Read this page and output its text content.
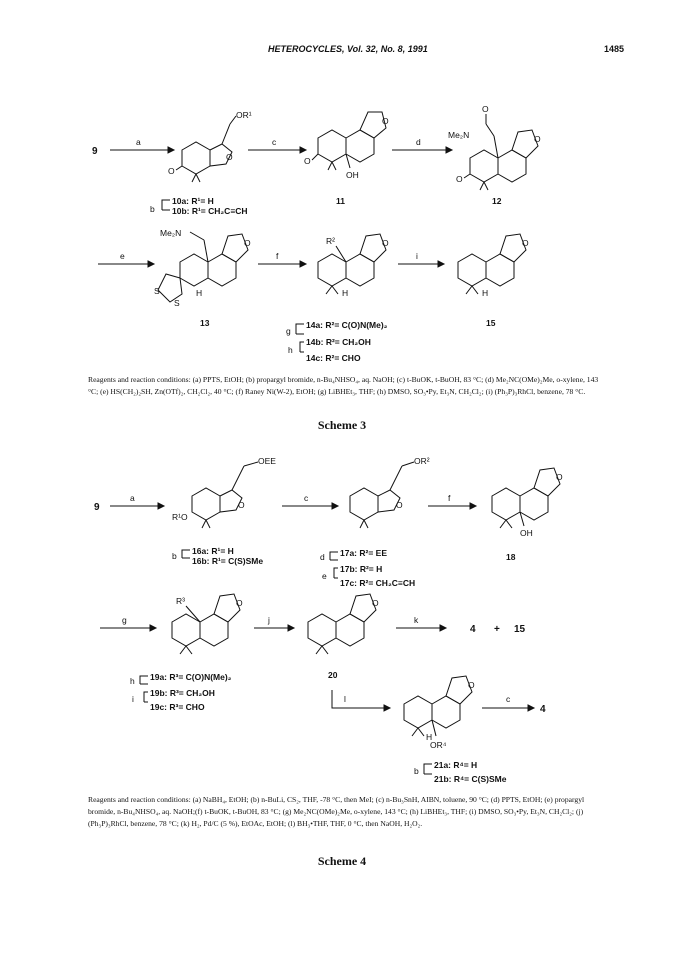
HETEROCYCLES, Vol. 32, No. 8, 1991	1485
9
a	c	d
e	f	i
b
g
h
OR¹
O
O
O
O
OH
O
Me₂N	O
O
Me₂N
O
S
S
H
R²	O
H
O
H
10a: R¹= H
10b: R¹= CH₂C≡CH
11	12
13	14a: R²= C(O)N(Me)₂
14b: R²= CH₂OH
14c: R²= CHO
15
Reagents and reaction conditions: (a) PPTS, EtOH; (b) propargyl bromide, n-Bu₄NHSO₄, aq. NaOH; (c) t-BuOK, t-BuOH, 83 °C; (d) Me₂NC(OMe)₂Me, o-xylene, 143 °C; (e) HS(CH₂)₂SH, Zn(OTf)₂, CH₂Cl₂, 40 °C; (f) Raney Ni(W-2), EtOH; (g) LiBHEt₃, THF; (h) DMSO, SO₃•Py, Et₃N, CH₂Cl₂; (i) (Ph₃P)₃RhCl, benzene, 78 °C.
Scheme 3
9
a	c	f
g	j	k
l	c
b	d
e
h
i
b
OEE
O
R¹O
OR²
O
O
OH
R³	O	O
O
H
OR⁴
16a: R¹= H
16b: R¹= C(S)SMe
17a: R²= EE
17b: R²= H
17c: R²= CH₂C≡CH
18
19a: R³= C(O)N(Me)₂
19b: R³= CH₂OH
19c: R³= CHO
20
21a: R⁴= H
21b: R⁴= C(S)SMe
4 + 15
4
Reagents and reaction conditions: (a) NaBH₄, EtOH; (b) n-BuLi, CS₂, THF, -78 °C, then MeI; (c) n-Bu₃SnH, AIBN, toluene, 90 °C; (d) PPTS, EtOH; (e) propargyl bromide, n-Bu₄NHSO₄, aq. NaOH;(f) t-BuOK, t-BuOH, 83 °C; (g) Me₂NC(OMe)₂Me, o-xylene, 143 °C; (h) LiBHEt₃, THF; (i) DMSO, SO₃•Py, Et₃N, CH₂Cl₂; (j) (Ph₃P)₃RhCl, benzene, 78 °C; (k) H₂, Pd/C (5 %), EtOAc, EtOH; (l) BH₃•THF, THF, 0 °C, then NaOH, H₂O₂.
Scheme 4
